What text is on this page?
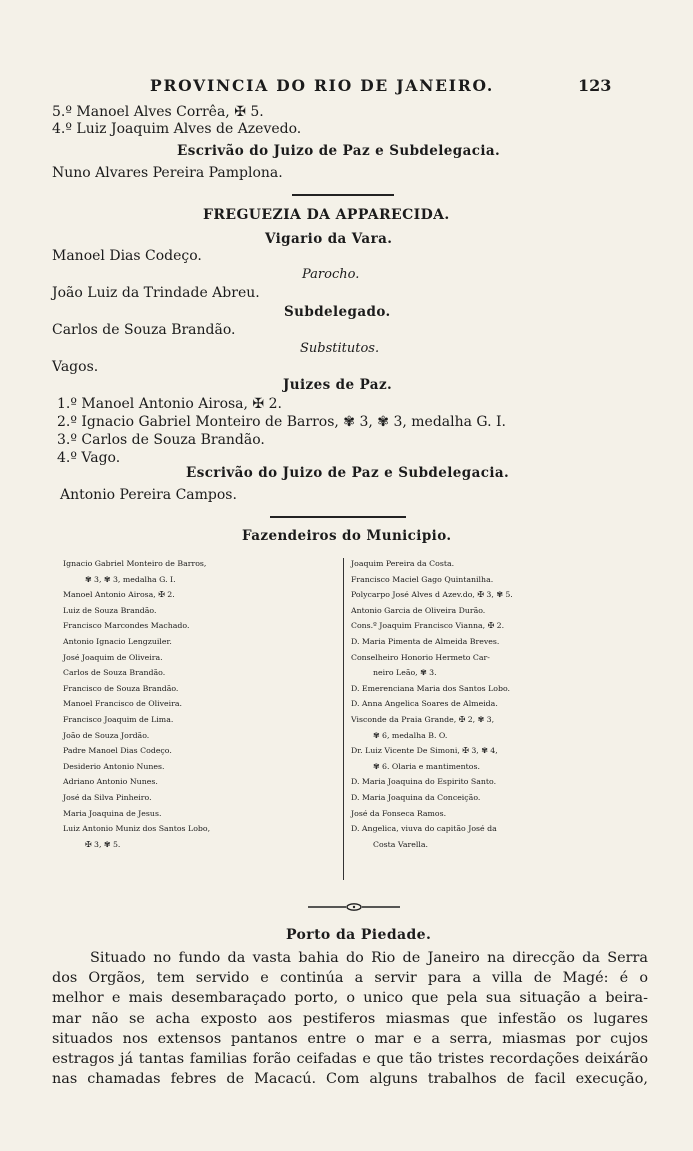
PROVINCIA DO RIO DE JANEIRO.	123
5.º Manoel Alves Corrêa, ✠ 5.
4.º Luiz Joaquim Alves de Azevedo.
Escrivão do Juizo de Paz e Subdelegacia.
Nuno Alvares Pereira Pamplona.
FREGUEZIA DA APPARECIDA.
Vigario da Vara.
Manoel Dias Codeço.
Parocho.
João Luiz da Trindade Abreu.
Subdelegado.
Carlos de Souza Brandão.
Substitutos.
Vagos.
Juizes de Paz.
1.º Manoel Antonio Airosa, ✠ 2.
2.º Ignacio Gabriel Monteiro de Barros, ✾ 3, ✾ 3, medalha G. I.
3.º Carlos de Souza Brandão.
4.º Vago.
Escrivão do Juizo de Paz e Subdelegacia.
Antonio Pereira Campos.
Fazendeiros do Municipio.
Ignacio Gabriel Monteiro de Barros,
✾ 3, ✾ 3, medalha G. I.
Manoel Antonio Airosa, ✠ 2.
Luiz de Souza Brandão.
Francisco Marcondes Machado.
Antonio Ignacio Lengzuiler.
José Joaquim de Oliveira.
Carlos de Souza Brandão.
Francisco de Souza Brandão.
Manoel Francisco de Oliveira.
Francisco Joaquim de Lima.
João de Souza Jordão.
Padre Manoel Dias Codeço.
Desiderio Antonio Nunes.
Adriano Antonio Nunes.
José da Silva Pinheiro.
Maria Joaquina de Jesus.
Luiz Antonio Muniz dos Santos Lobo,
✠ 3, ✾ 5.
Joaquim Pereira da Costa.
Francisco Maciel Gago Quintanilha.
Polycarpo José Alves d Azev.do, ✠ 3, ✾ 5.
Antonio Garcia de Oliveira Durão.
Cons.º Joaquim Francisco Vianna, ✠ 2.
D. Maria Pimenta de Almeida Breves.
Conselheiro Honorio Hermeto Car-
neiro Leão, ✾ 3.
D. Emerenciana Maria dos Santos Lobo.
D. Anna Angelica Soares de Almeida.
Visconde da Praia Grande, ✠ 2, ✾ 3,
✾ 6, medalha B. O.
Dr. Luiz Vicente De Simoni, ✠ 3, ✾ 4,
✾ 6. Olaria e mantimentos.
D. Maria Joaquina do Espirito Santo.
D. Maria Joaquina da Conceição.
José da Fonseca Ramos.
D. Angelica, viuva do capitão José da
Costa Varella.
Porto da Piedade.
Situado no fundo da vasta bahia do Rio de Janeiro na direcção da Serra
dos Orgãos, tem servido e continúa a servir para a villa de Magé: é o
melhor e mais desembaraçado porto, o unico que pela sua situação a beira-
mar não se acha exposto aos pestiferos miasmas que infestão os lugares
situados nos extensos pantanos entre o mar e a serra, miasmas por cujos
estragos já tantas familias forão ceifadas e que tão tristes recordações deixárão
nas chamadas febres de Macacú. Com alguns trabalhos de facil execução,
